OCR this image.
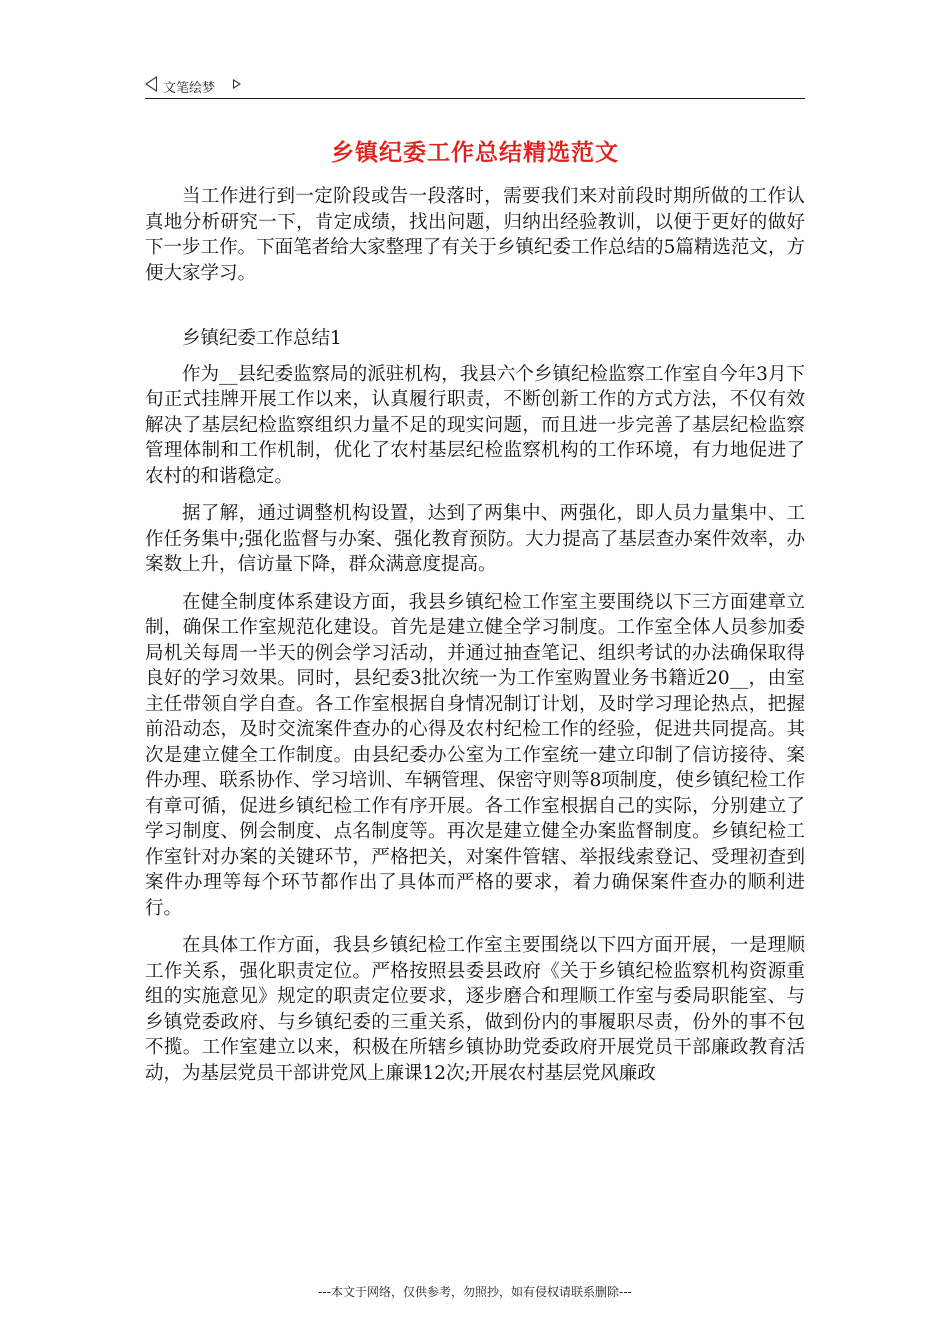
文笔绘梦
乡镇纪委工作总结精选范文

当工作进行到一定阶段或告一段落时，需要我们来对前段时期所做的工作认真地分析研究一下，肯定成绩，找出问题，归纳出经验教训，以便于更好的做好下一步工作。下面笔者给大家整理了有关于乡镇纪委工作总结的5篇精选范文，方便大家学习。

乡镇纪委工作总结1

作为__县纪委监察局的派驻机构，我县六个乡镇纪检监察工作室自今年3月下旬正式挂牌开展工作以来，认真履行职责，不断创新工作的方式方法，不仅有效解决了基层纪检监察组织力量不足的现实问题，而且进一步完善了基层纪检监察管理体制和工作机制，优化了农村基层纪检监察机构的工作环境，有力地促进了农村的和谐稳定。

据了解，通过调整机构设置，达到了两集中、两强化，即人员力量集中、工作任务集中;强化监督与办案、强化教育预防。大力提高了基层查办案件效率，办案数上升，信访量下降，群众满意度提高。

在健全制度体系建设方面，我县乡镇纪检工作室主要围绕以下三方面建章立制，确保工作室规范化建设。首先是建立健全学习制度。工作室全体人员参加委局机关每周一半天的例会学习活动，并通过抽查笔记、组织考试的办法确保取得良好的学习效果。同时，县纪委3批次统一为工作室购置业务书籍近20__，由室主任带领自学自查。各工作室根据自身情况制订计划，及时学习理论热点，把握前沿动态，及时交流案件查办的心得及农村纪检工作的经验，促进共同提高。其次是建立健全工作制度。由县纪委办公室为工作室统一建立印制了信访接待、案件办理、联系协作、学习培训、车辆管理、保密守则等8项制度，使乡镇纪检工作有章可循，促进乡镇纪检工作有序开展。各工作室根据自己的实际，分别建立了学习制度、例会制度、点名制度等。再次是建立健全办案监督制度。乡镇纪检工作室针对办案的关键环节，严格把关，对案件管辖、举报线索登记、受理初查到案件办理等每个环节都作出了具体而严格的要求，着力确保案件查办的顺利进行。

在具体工作方面，我县乡镇纪检工作室主要围绕以下四方面开展，一是理顺工作关系，强化职责定位。严格按照县委县政府《关于乡镇纪检监察机构资源重组的实施意见》规定的职责定位要求，逐步磨合和理顺工作室与委局职能室、与乡镇党委政府、与乡镇纪委的三重关系，做到份内的事履职尽责，份外的事不包不揽。工作室建立以来，积极在所辖乡镇协助党委政府开展党员干部廉政教育活动，为基层党员干部讲党风上廉课12次;开展农村基层党风廉政

---本文于网络，仅供参考，勿照抄，如有侵权请联系删除---
